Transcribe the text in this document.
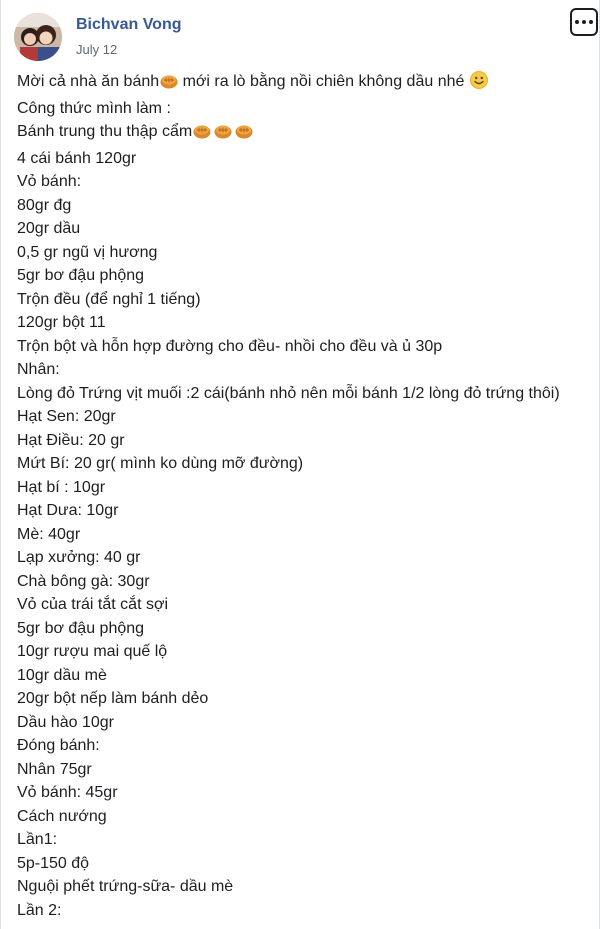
Bichvan Vong
July 12
Mời cả nhà ăn bánh mới ra lò bằng nồi chiên không dầu nhé
Công thức mình làm :
Bánh trung thu thập cẩm
4 cái bánh 120gr
Vỏ bánh:
80gr đg
20gr dầu
0,5 gr ngũ vị hương
5gr bơ đậu phộng
Trộn đều (để nghỉ 1 tiếng)
120gr bột 11
Trộn bột và hỗn hợp đường cho đều- nhồi cho đều và ủ 30p
Nhân:
Lòng đỏ Trứng vịt muối :2 cái(bánh nhỏ nên mỗi bánh 1/2 lòng đỏ trứng thôi)
Hạt Sen: 20gr
Hạt Điều: 20 gr
Mứt Bí: 20 gr( mình ko dùng mỡ đường)
Hạt bí : 10gr
Hạt Dưa: 10gr
Mè: 40gr
Lạp xưởng: 40 gr
Chà bông gà: 30gr
Vỏ của trái tắt cắt sợi
5gr bơ đậu phộng
10gr rượu mai quế lộ
10gr dầu mè
20gr bột nếp làm bánh dẻo
Dầu hào 10gr
Đóng bánh:
Nhân 75gr
Vỏ bánh: 45gr
Cách nướng
Lần1:
5p-150 độ
Nguội phết trứng-sữa- dầu mè
Lần 2:
